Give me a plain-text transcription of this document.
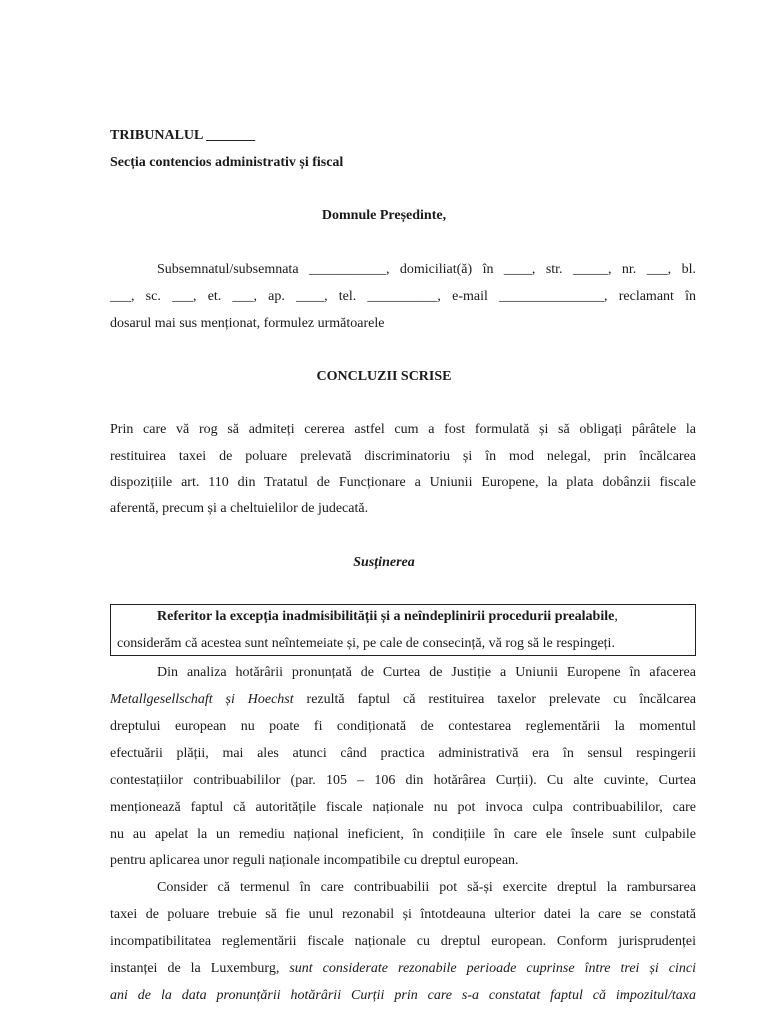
TRIBUNALUL _______
Secția contencios administrativ și fiscal
Domnule Președinte,
Subsemnatul/subsemnata ___________, domiciliat(ă) în ____, str. _____, nr. ___, bl.
___, sc. ___, et. ___, ap. ____, tel. __________, e-mail _______________, reclamant în
dosarul mai sus menționat, formulez următoarele
CONCLUZII SCRISE
Prin care vă rog să admiteți cererea astfel cum a fost formulată și să obligați pârâtele la
restituirea taxei de poluare prelevată discriminatoriu și în mod nelegal, prin încălcarea
dispozițiile art. 110 din Tratatul de Funcționare a Uniunii Europene, la plata dobânzii fiscale
aferentă, precum și a cheltuielilor de judecată.
Susținerea
Referitor la excepția inadmisibilității și a neîndeplinirii procedurii prealabile,
considerăm că acestea sunt neîntemeiate și, pe cale de consecință, vă rog să le respingeți.
Din analiza hotărârii pronunțată de Curtea de Justiție a Uniunii Europene în afacerea
Metallgesellschaft și Hoechst rezultă faptul că restituirea taxelor prelevate cu încălcarea
dreptului european nu poate fi condiționată de contestarea reglementării la momentul
efectuării plății, mai ales atunci când practica administrativă era în sensul respingerii
contestațiilor contribuabililor (par. 105 – 106 din hotărârea Curții). Cu alte cuvinte, Curtea
menționează faptul că autoritățile fiscale naționale nu pot invoca culpa contribuabililor, care
nu au apelat la un remediu național ineficient, în condițiile în care ele însele sunt culpabile
pentru aplicarea unor reguli naționale incompatibile cu dreptul european.
Consider că termenul în care contribuabilii pot să-și exercite dreptul la rambursarea
taxei de poluare trebuie să fie unul rezonabil și întotdeauna ulterior datei la care se constată
incompatibilitatea reglementării fiscale naționale cu dreptul european. Conform jurisprudenței
instanței de la Luxemburg, sunt considerate rezonabile perioade cuprinse între trei și cinci
ani de la data pronunțării hotărârii Curții prin care s-a constatat faptul că impozitul/taxa
